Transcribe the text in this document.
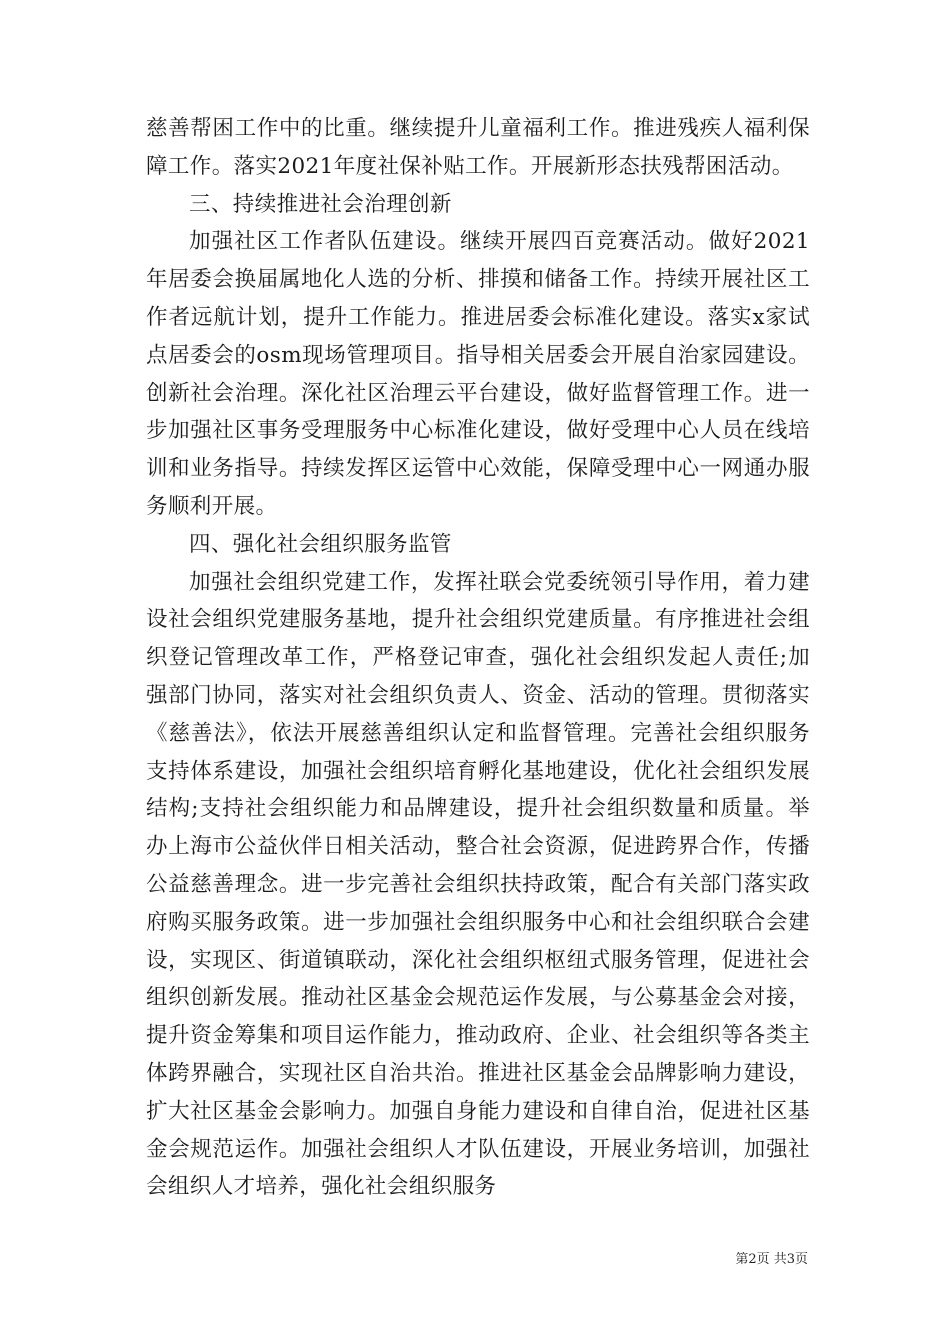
慈善帮困工作中的比重。继续提升儿童福利工作。推进残疾人福利保障工作。落实2021年度社保补贴工作。开展新形态扶残帮困活动。

三、持续推进社会治理创新

加强社区工作者队伍建设。继续开展四百竞赛活动。做好2021年居委会换届属地化人选的分析、排摸和储备工作。持续开展社区工作者远航计划，提升工作能力。推进居委会标准化建设。落实x家试点居委会的osm现场管理项目。指导相关居委会开展自治家园建设。创新社会治理。深化社区治理云平台建设，做好监督管理工作。进一步加强社区事务受理服务中心标准化建设，做好受理中心人员在线培训和业务指导。持续发挥区运管中心效能，保障受理中心一网通办服务顺利开展。

四、强化社会组织服务监管

加强社会组织党建工作，发挥社联会党委统领引导作用，着力建设社会组织党建服务基地，提升社会组织党建质量。有序推进社会组织登记管理改革工作，严格登记审查，强化社会组织发起人责任;加强部门协同，落实对社会组织负责人、资金、活动的管理。贯彻落实《慈善法》，依法开展慈善组织认定和监督管理。完善社会组织服务支持体系建设，加强社会组织培育孵化基地建设，优化社会组织发展结构;支持社会组织能力和品牌建设，提升社会组织数量和质量。举办上海市公益伙伴日相关活动，整合社会资源，促进跨界合作，传播公益慈善理念。进一步完善社会组织扶持政策，配合有关部门落实政府购买服务政策。进一步加强社会组织服务中心和社会组织联合会建设，实现区、街道镇联动，深化社会组织枢纽式服务管理，促进社会组织创新发展。推动社区基金会规范运作发展，与公募基金会对接，提升资金筹集和项目运作能力，推动政府、企业、社会组织等各类主体跨界融合，实现社区自治共治。推进社区基金会品牌影响力建设，扩大社区基金会影响力。加强自身能力建设和自律自治，促进社区基金会规范运作。加强社会组织人才队伍建设，开展业务培训，加强社会组织人才培养，强化社会组织服务

第2页 共3页
